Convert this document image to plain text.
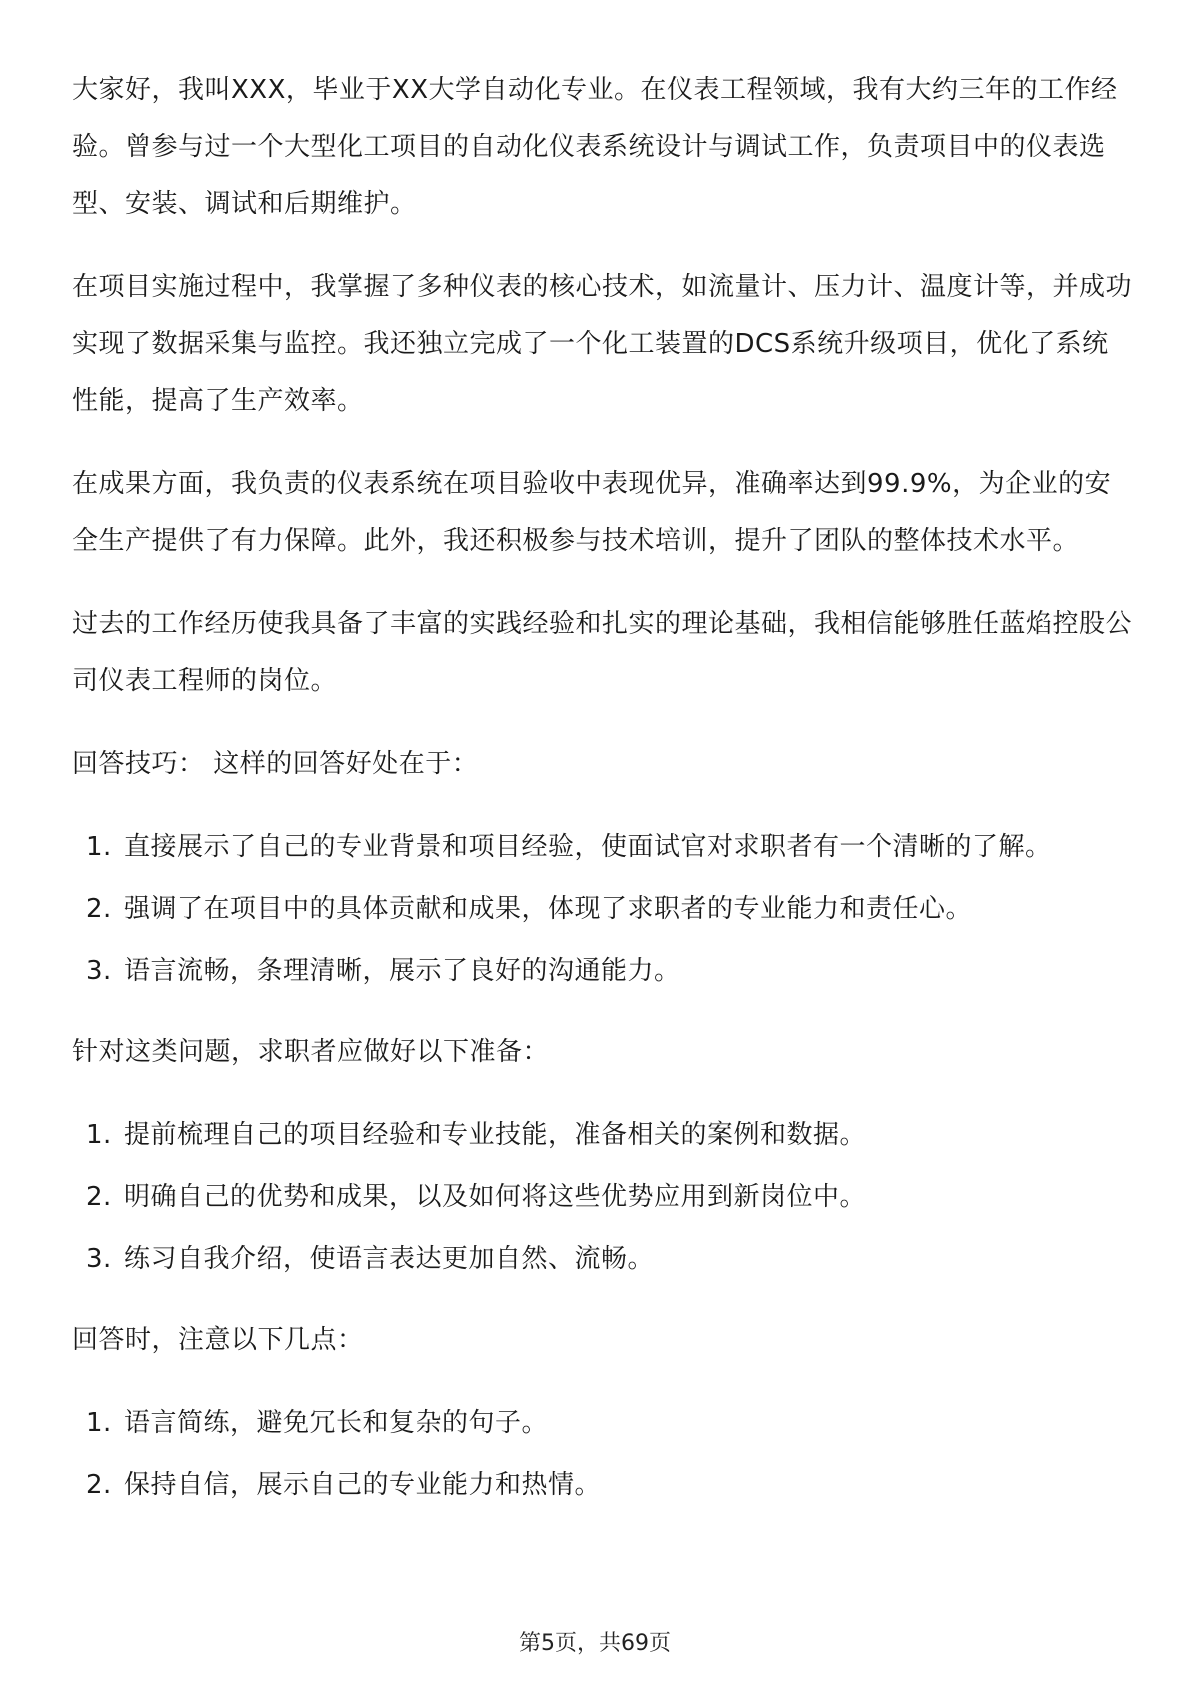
大家好，我叫XXX，毕业于XX大学自动化专业。在仪表工程领域，我有大约三年的工作经验。曾参与过一个大型化工项目的自动化仪表系统设计与调试工作，负责项目中的仪表选型、安装、调试和后期维护。

在项目实施过程中，我掌握了多种仪表的核心技术，如流量计、压力计、温度计等，并成功实现了数据采集与监控。我还独立完成了一个化工装置的DCS系统升级项目，优化了系统性能，提高了生产效率。

在成果方面，我负责的仪表系统在项目验收中表现优异，准确率达到99.9%，为企业的安全生产提供了有力保障。此外，我还积极参与技术培训，提升了团队的整体技术水平。

过去的工作经历使我具备了丰富的实践经验和扎实的理论基础，我相信能够胜任蓝焰控股公司仪表工程师的岗位。

回答技巧： 这样的回答好处在于：

1. 直接展示了自己的专业背景和项目经验，使面试官对求职者有一个清晰的了解。
2. 强调了在项目中的具体贡献和成果，体现了求职者的专业能力和责任心。
3. 语言流畅，条理清晰，展示了良好的沟通能力。

针对这类问题，求职者应做好以下准备：

1. 提前梳理自己的项目经验和专业技能，准备相关的案例和数据。
2. 明确自己的优势和成果，以及如何将这些优势应用到新岗位中。
3. 练习自我介绍，使语言表达更加自然、流畅。

回答时，注意以下几点：

1. 语言简练，避免冗长和复杂的句子。
2. 保持自信，展示自己的专业能力和热情。
第5页，共69页
